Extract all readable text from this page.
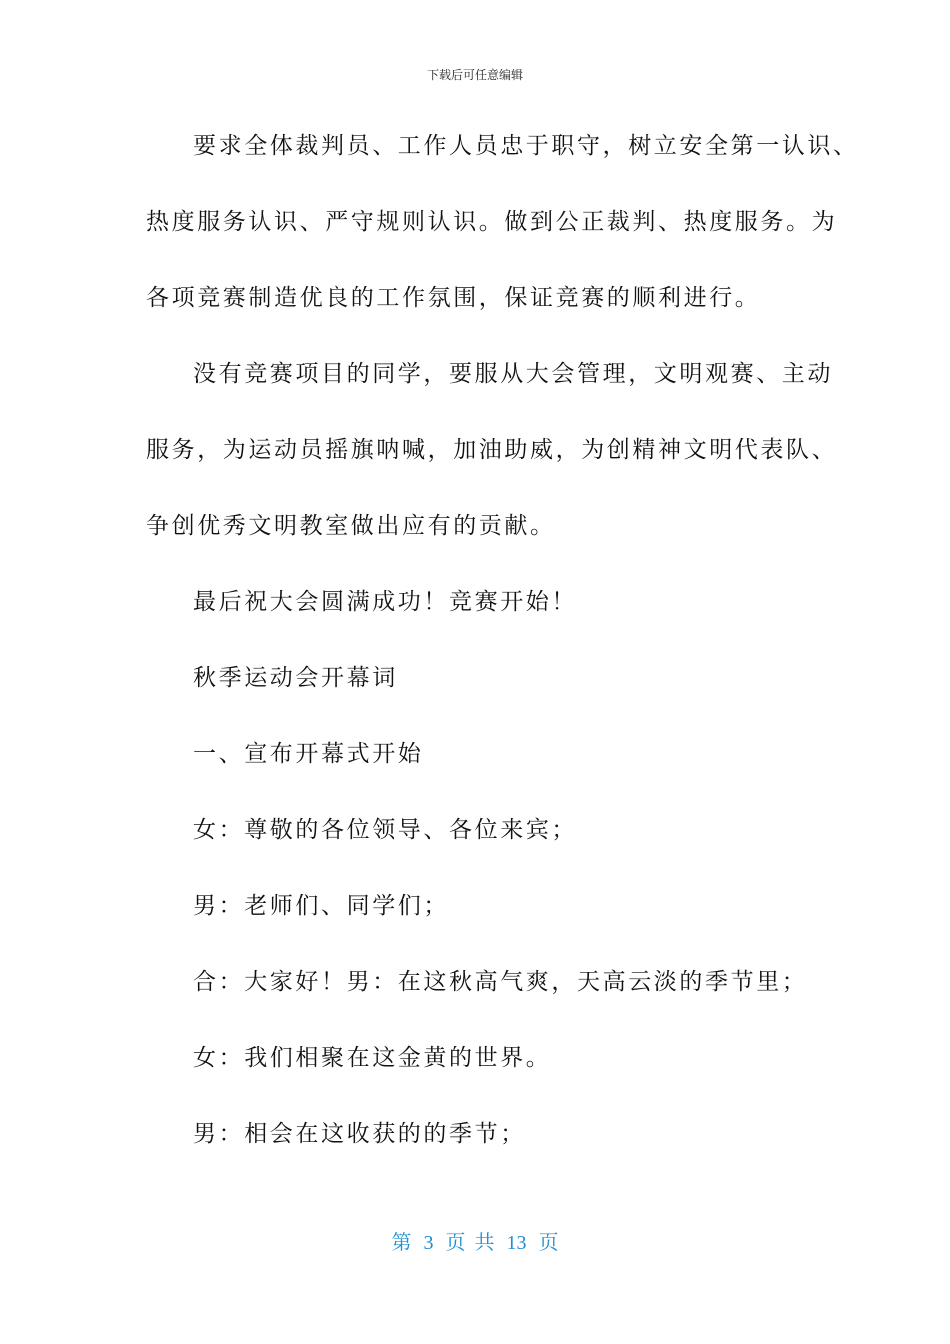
下载后可任意编辑
要求全体裁判员、工作人员忠于职守，树立安全第一认识、
热度服务认识、严守规则认识。做到公正裁判、热度服务。为
各项竞赛制造优良的工作氛围，保证竞赛的顺利进行。
没有竞赛项目的同学，要服从大会管理，文明观赛、主动
服务，为运动员摇旗呐喊，加油助威，为创精神文明代表队、
争创优秀文明教室做出应有的贡献。
最后祝大会圆满成功！竞赛开始！
秋季运动会开幕词
一、宣布开幕式开始
女：尊敬的各位领导、各位来宾；
男：老师们、同学们；
合：大家好！男：在这秋高气爽，天高云淡的季节里；
女：我们相聚在这金黄的世界。
男：相会在这收获的的季节；
第 3 页 共 13 页
